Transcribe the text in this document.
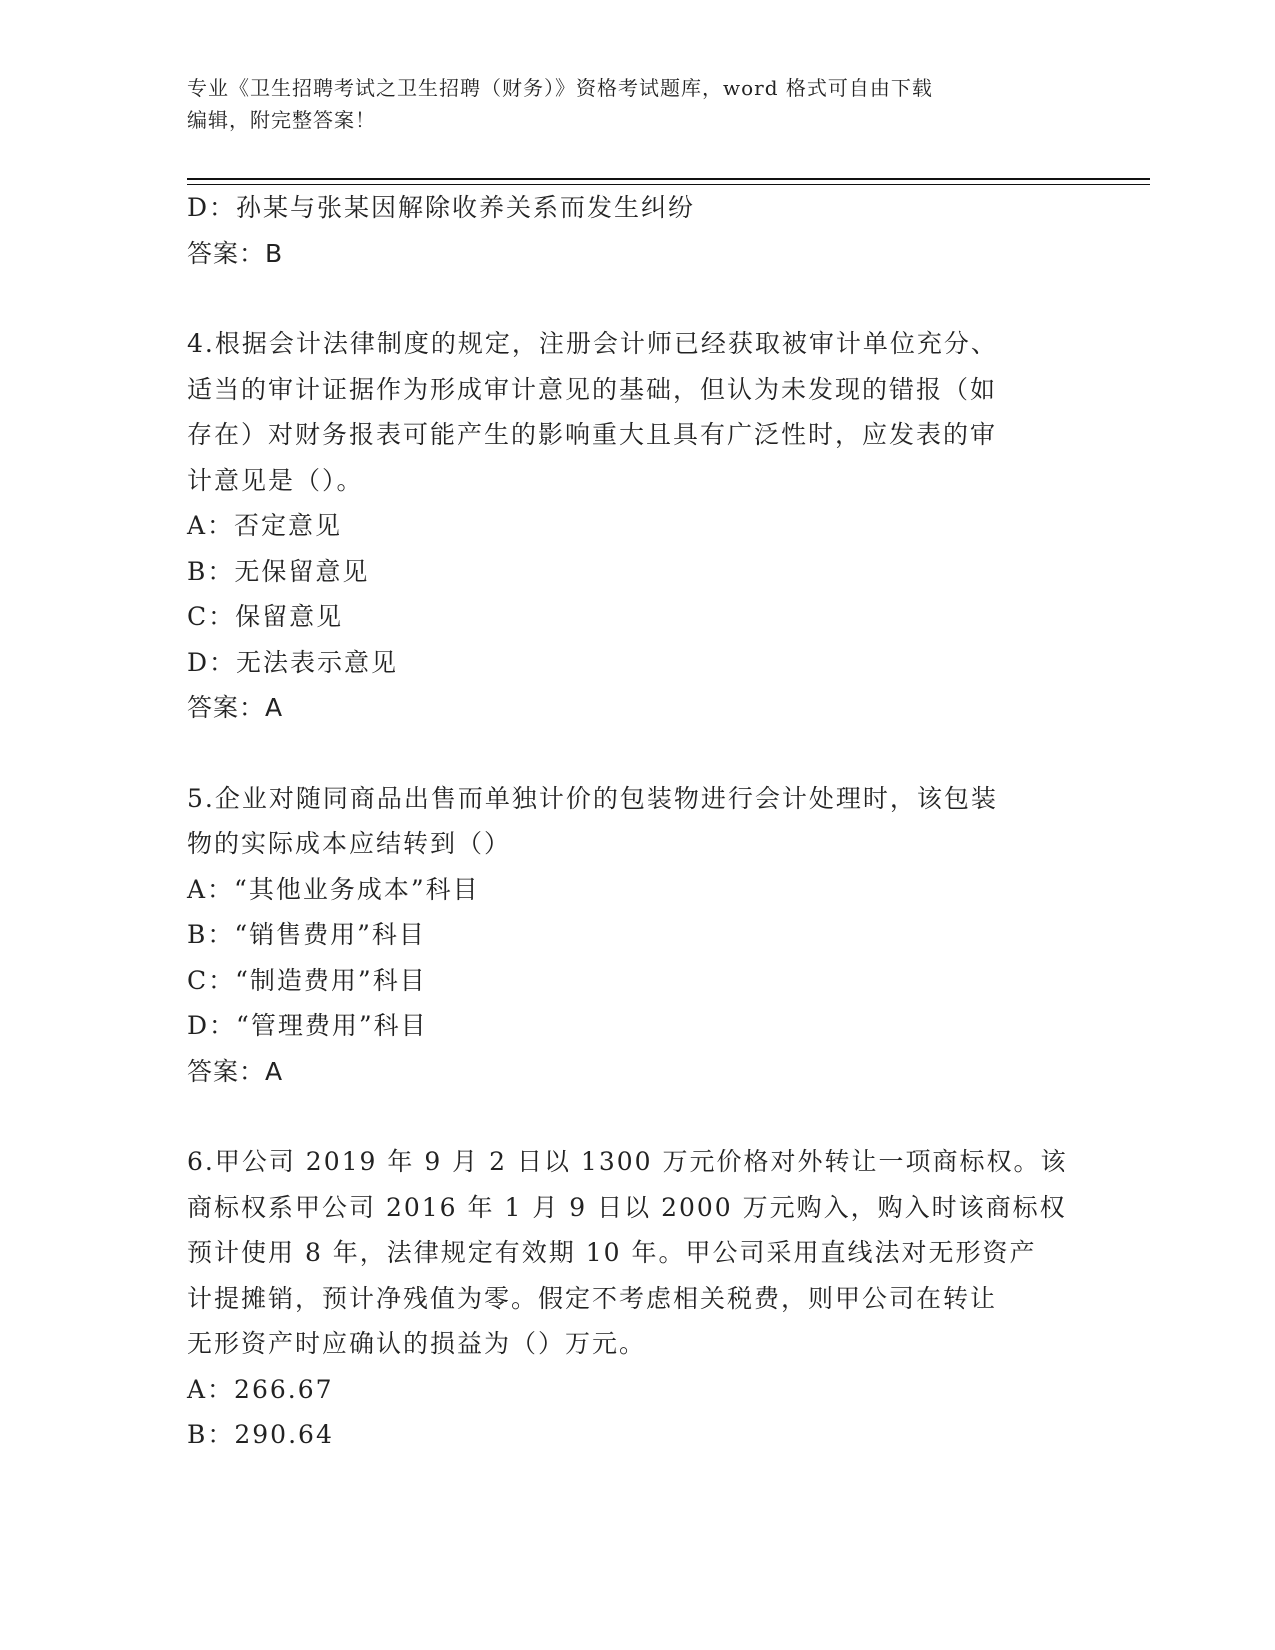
专业《卫生招聘考试之卫生招聘（财务）》资格考试题库，word 格式可自由下载
编辑，附完整答案！
D：孙某与张某因解除收养关系而发生纠纷
答案：B
4.根据会计法律制度的规定，注册会计师已经获取被审计单位充分、
适当的审计证据作为形成审计意见的基础，但认为未发现的错报（如
存在）对财务报表可能产生的影响重大且具有广泛性时，应发表的审
计意见是（）。
A：否定意见
B：无保留意见
C：保留意见
D：无法表示意见
答案：A
5.企业对随同商品出售而单独计价的包装物进行会计处理时，该包装
物的实际成本应结转到（）
A：“其他业务成本”科目
B：“销售费用”科目
C：“制造费用”科目
D：“管理费用”科目
答案：A
6.甲公司 2019 年 9 月 2 日以 1300 万元价格对外转让一项商标权。该
商标权系甲公司 2016 年 1 月 9 日以 2000 万元购入，购入时该商标权
预计使用 8 年，法律规定有效期 10 年。甲公司采用直线法对无形资产
计提摊销，预计净残值为零。假定不考虑相关税费，则甲公司在转让
无形资产时应确认的损益为（）万元。
A：266.67
B：290.64
